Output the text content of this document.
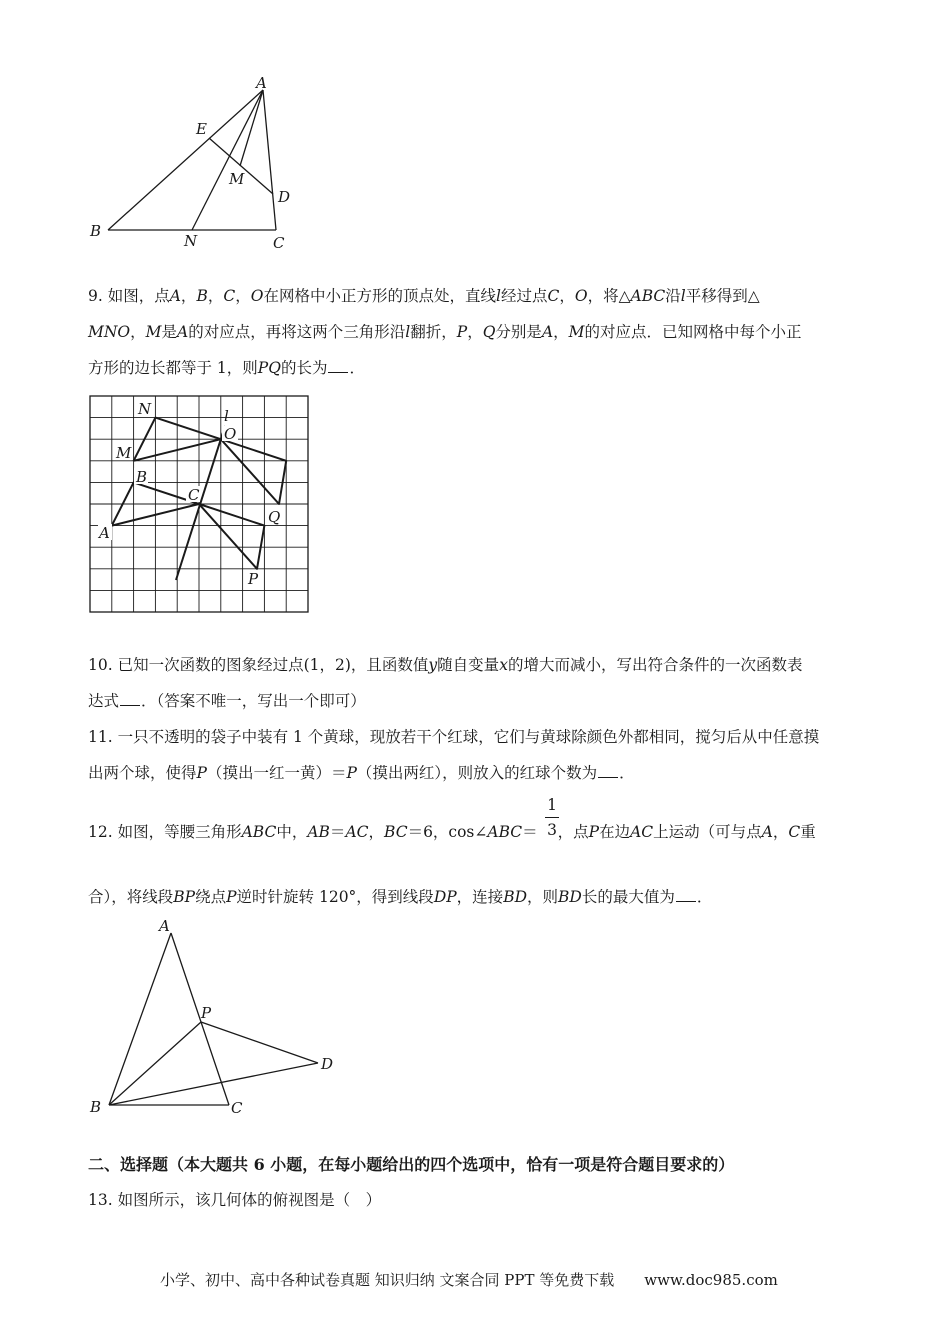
A
E
M
D
B
N	C
9. 如图，点A，B，C，O在网格中小正方形的顶点处，直线l经过点C，O，将△ABC沿l平移得到△
MNO，M是A的对应点，再将这两个三角形沿l翻折，P，Q分别是A，M的对应点．已知网格中每个小正
方形的边长都等于 1，则PQ的长为 ．
N	l
O
M
B
C
Q
A
P
10. 已知一次函数的图象经过点(1，2)，且函数值y随自变量x的增大而减小，写出符合条件的一次函数表
达式 ．（答案不唯一，写出一个即可）
11. 一只不透明的袋子中装有 1 个黄球，现放若干个红球，它们与黄球除颜色外都相同，搅匀后从中任意摸
出两个球，使得P（摸出一红一黄）＝P（摸出两红），则放入的红球个数为 ．
12. 如图，等腰三角形ABC中，AB＝AC，BC＝6，cos∠ABC＝ ，点P在边AC上运动（可与点A，C重
1
3
合），将线段BP绕点P逆时针旋转 120°，得到线段DP，连接BD，则BD长的最大值为 ．
A
P
D
B	C
二、选择题（本大题共 6 小题，在每小题给出的四个选项中，恰有一项是符合题目要求的）
13. 如图所示，该几何体的俯视图是（　）
小学、初中、高中各种试卷真题 知识归纳 文案合同 PPT 等免费下载　　www.doc985.com
